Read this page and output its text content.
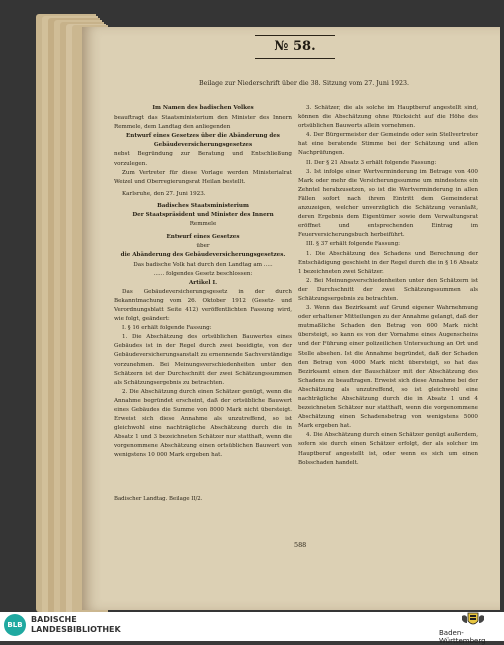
№ 58.
Beilage zur Niederschrift über die 38. Sitzung vom 27. Juni 1923.

Im Namen des badischen Volkes

beauftragt das Staatsministerium den Minister des Innern Remmele, dem Landtag den anliegenden

Entwurf eines Gesetzes über die Abänderung des Gebäudeversicherungsgesetzes

nebst Begründung zur Beratung und Entschließung vorzulegen.

Zum Vertreter für diese Vorlage werden Ministerialrat Weizel und Oberregierungsrat Heilan bestellt.

Karlsruhe, den 27. Juni 1923.

Badisches Staatsministerium

Der Staatspräsident und Minister des Innern

Remmele

Entwurf eines Gesetzes

über

die Abänderung des Gebäudeversicherungsgesetzes.

Das badische Volk hat durch den Landtag am .....

...... folgendes Gesetz beschlossen:

Artikel I.

Das Gebäudeversicherungsgesetz in der durch Bekanntmachung vom 26. Oktober 1912 (Gesetz- und Verordnungsblatt Seite 412) veröffentlichten Fassung wird, wie folgt, geändert:

I. § 16 erhält folgende Fassung:

1. Die Abschätzung des ortsüblichen Bauwertes eines Gebäudes ist in der Regel durch zwei beeidigte, von der Gebäudeversicherungsanstalt zu ernennende Sachverständige vorzunehmen. Bei Meinungsverschiedenheiten unter den Schätzern ist der Durchschnitt der zwei Schätzungssummen als Schätzungsergebnis zu betrachten.

2. Die Abschätzung durch einen Schätzer genügt, wenn die Annahme begründet erscheint, daß der ortsübliche Bauwert eines Gebäudes die Summe von 8000 Mark nicht übersteigt. Erweist sich diese Annahme als unzutreffend, so ist gleichwohl eine nachträgliche Abschätzung durch die in Absatz 1 und 3 bezeichneten Schätzer nur statthaft, wenn die vorgenommene Abschätzung einen ortsüblichen Bauwert von wenigstens 10 000 Mark ergeben hat.

3. Schätzer, die als solche im Hauptberuf angestellt sind, können die Abschätzung ohne Rücksicht auf die Höhe des ortsüblichen Bauwerts allein vornehmen.

4. Der Bürgermeister der Gemeinde oder sein Stellvertreter hat eine beratende Stimme bei der Schätzung und allen Nachprüfungen.

II. Der § 21 Absatz 3 erhält folgende Fassung:

3. Ist infolge einer Wertverminderung im Betrage von 400 Mark oder mehr die Versicherungssumme um mindestens ein Zehntel herabzusetzen, so ist die Wertverminderung in allen Fällen sofort nach ihrem Eintritt dem Gemeinderat anzuzeigen, welcher unverzüglich die Schätzung veranlaßt, deren Ergebnis dem Eigentümer sowie dem Verwaltungsrat eröffnet und entsprechenden Eintrag im Feuerversicherungsbuch herbeiführt.

III. § 37 erhält folgende Fassung:

1. Die Abschätzung des Schadens und Berechnung der Entschädigung geschieht in der Regel durch die in § 16 Absatz 1 bezeichneten zwei Schätzer.

2. Bei Meinungsverschiedenheiten unter den Schätzern ist der Durchschnitt der zwei Schätzungssummen als Schätzungsergebnis zu betrachten.

3. Wenn das Bezirksamt auf Grund eigener Wahrnehmung oder erhaltener Mitteilungen zu der Annahme gelangt, daß der mutmaßliche Schaden den Betrag von 600 Mark nicht übersteigt, so kann es von der Vornahme eines Augenscheins und der Führung einer polizeilichen Untersuchung an Ort und Stelle absehen. Ist die Annahme begründet, daß der Schaden den Betrag von 4000 Mark nicht übersteigt, so hat das Bezirksamt einen der Bauschätzer mit der Abschätzung des Schadens zu beauftragen. Erweist sich diese Annahme bei der Abschätzung als unzutreffend, so ist gleichwohl eine nachträgliche Abschätzung durch die in Absatz 1 und 4 bezeichneten Schätzer nur statthaft, wenn die vorgenommene Abschätzung einen Schadensbetrag von wenigstens 5000 Mark ergeben hat.

4. Die Abschätzung durch einen Schätzer genügt außerdem, sofern sie durch einen Schätzer erfolgt, der als solcher im Hauptberuf angestellt ist, oder wenn es sich um einen Bolsschaden handelt.

Badischer Landtag. Beilage II/2.
588
BLB
BADISCHE
LANDESBIBLIOTHEK	Baden-Württemberg
